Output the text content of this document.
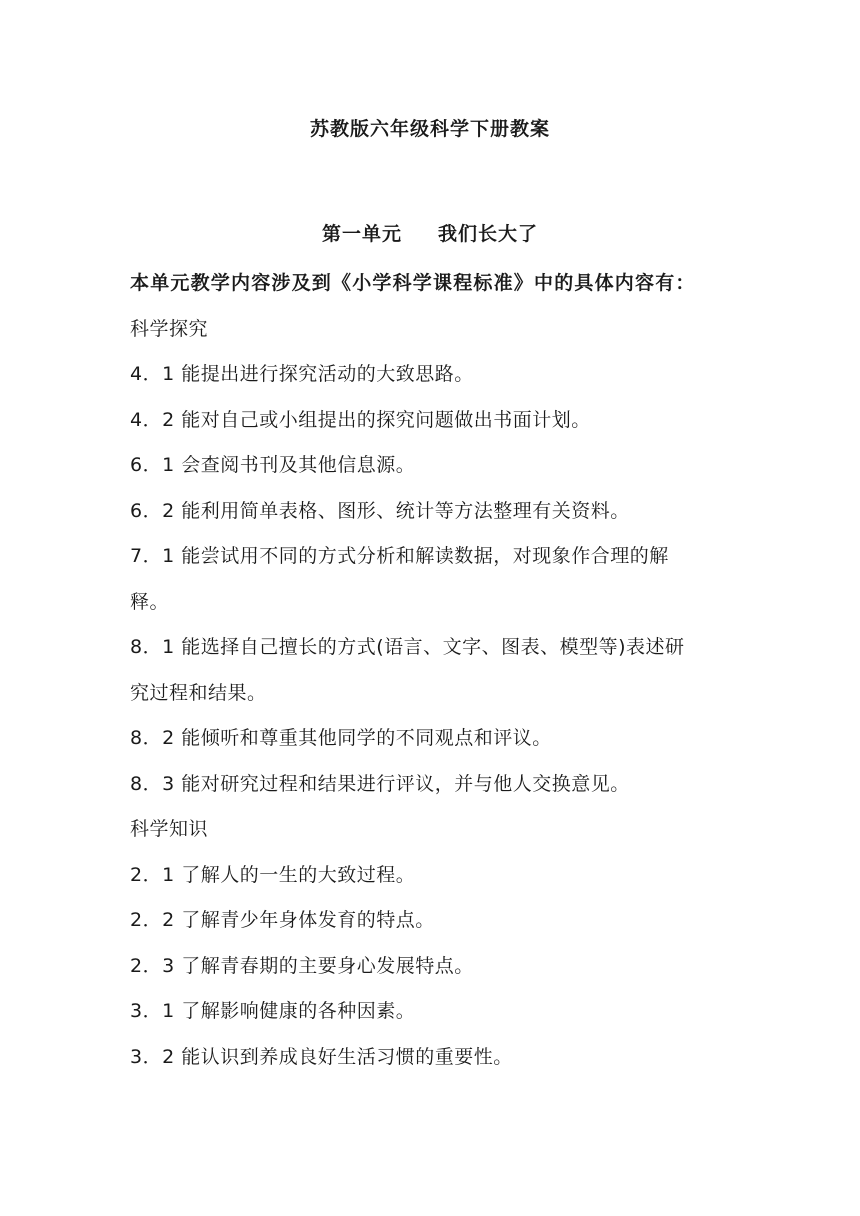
苏教版六年级科学下册教案
第一单元 我们长大了

本单元教学内容涉及到《小学科学课程标准》中的具体内容有：

科学探究

4．1 能提出进行探究活动的大致思路。

4．2 能对自己或小组提出的探究问题做出书面计划。

6．1 会查阅书刊及其他信息源。

6．2 能利用简单表格、图形、统计等方法整理有关资料。

7．1 能尝试用不同的方式分析和解读数据，对现象作合理的解

释。

8．1 能选择自己擅长的方式(语言、文字、图表、模型等)表述研

究过程和结果。

8．2 能倾听和尊重其他同学的不同观点和评议。

8．3 能对研究过程和结果进行评议，并与他人交换意见。

科学知识

2．1 了解人的一生的大致过程。

2．2 了解青少年身体发育的特点。

2．3 了解青春期的主要身心发展特点。

3．1 了解影响健康的各种因素。

3．2 能认识到养成良好生活习惯的重要性。
